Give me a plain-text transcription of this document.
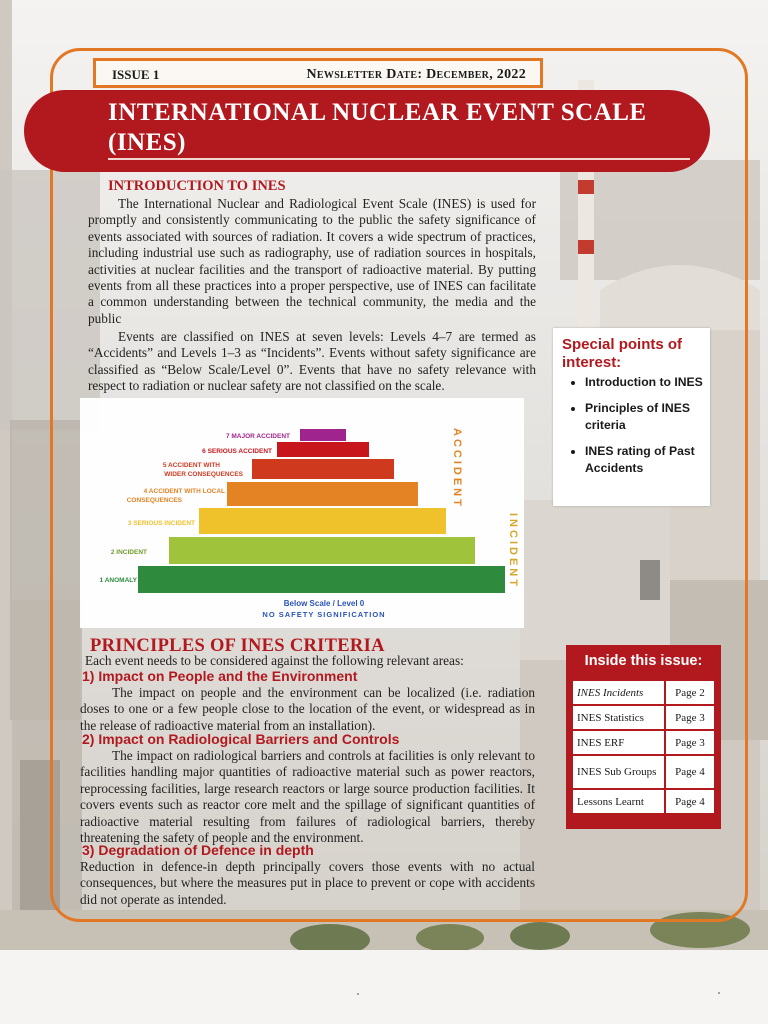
ISSUE 1	Newsletter Date: December, 2022
INTERNATIONAL NUCLEAR EVENT SCALE (INES)
INTRODUCTION TO INES
The International Nuclear and Radiological Event Scale (INES) is used for promptly and consistently communicating to the public the safety significance of events associated with sources of radiation. It covers a wide spectrum of practices, including industrial use such as radiography, use of radiation sources in hospitals, activities at nuclear facilities and the transport of radioactive material. By putting events from all these practices into a proper perspective, use of INES can facilitate a common understanding between the technical community, the media and the public
Events are classified on INES at seven levels: Levels 4–7 are termed as “Accidents” and Levels 1–3 as “Incidents”. Events without safety significance are classified as “Below Scale/Level 0”. Events that have no safety relevance with respect to radiation or nuclear safety are not classified on the scale.
7 MAJOR ACCIDENT
6 SERIOUS ACCIDENT
5 ACCIDENT WITH
WIDER CONSEQUENCES
4 ACCIDENT WITH LOCAL
CONSEQUENCES
3 SERIOUS INCIDENT
2 INCIDENT
1 ANOMALY
ACCIDENT
INCIDENT
Below Scale / Level 0
NO SAFETY SIGNIFICATION
Special points of interest:
• Introduction to INES
• Principles of INES criteria
• INES rating of Past Accidents
Inside this issue:
INES Incidents	Page 2
INES Statistics	Page 3
INES ERF	Page 3
INES Sub Groups	Page 4
Lessons Learnt	Page 4
PRINCIPLES OF INES CRITERIA
Each event needs to be considered against the following relevant areas:
1) Impact on People and the Environment
The impact on people and the environment can be localized (i.e. radiation doses to one or a few people close to the location of the event, or widespread as in the release of radioactive material from an installation).
2) Impact on Radiological Barriers and Controls
The impact on radiological barriers and controls at facilities is only relevant to facilities handling major quantities of radioactive material such as power reactors, reprocessing facilities, large research reactors or large source production facilities. It covers events such as reactor core melt and the spillage of significant quantities of radioactive material resulting from failures of radiological barriers, thereby threatening the safety of people and the environment.
3) Degradation of Defence in depth
Reduction in defence-in depth principally covers those events with no actual consequences, but where the measures put in place to prevent or cope with accidents did not operate as intended.
